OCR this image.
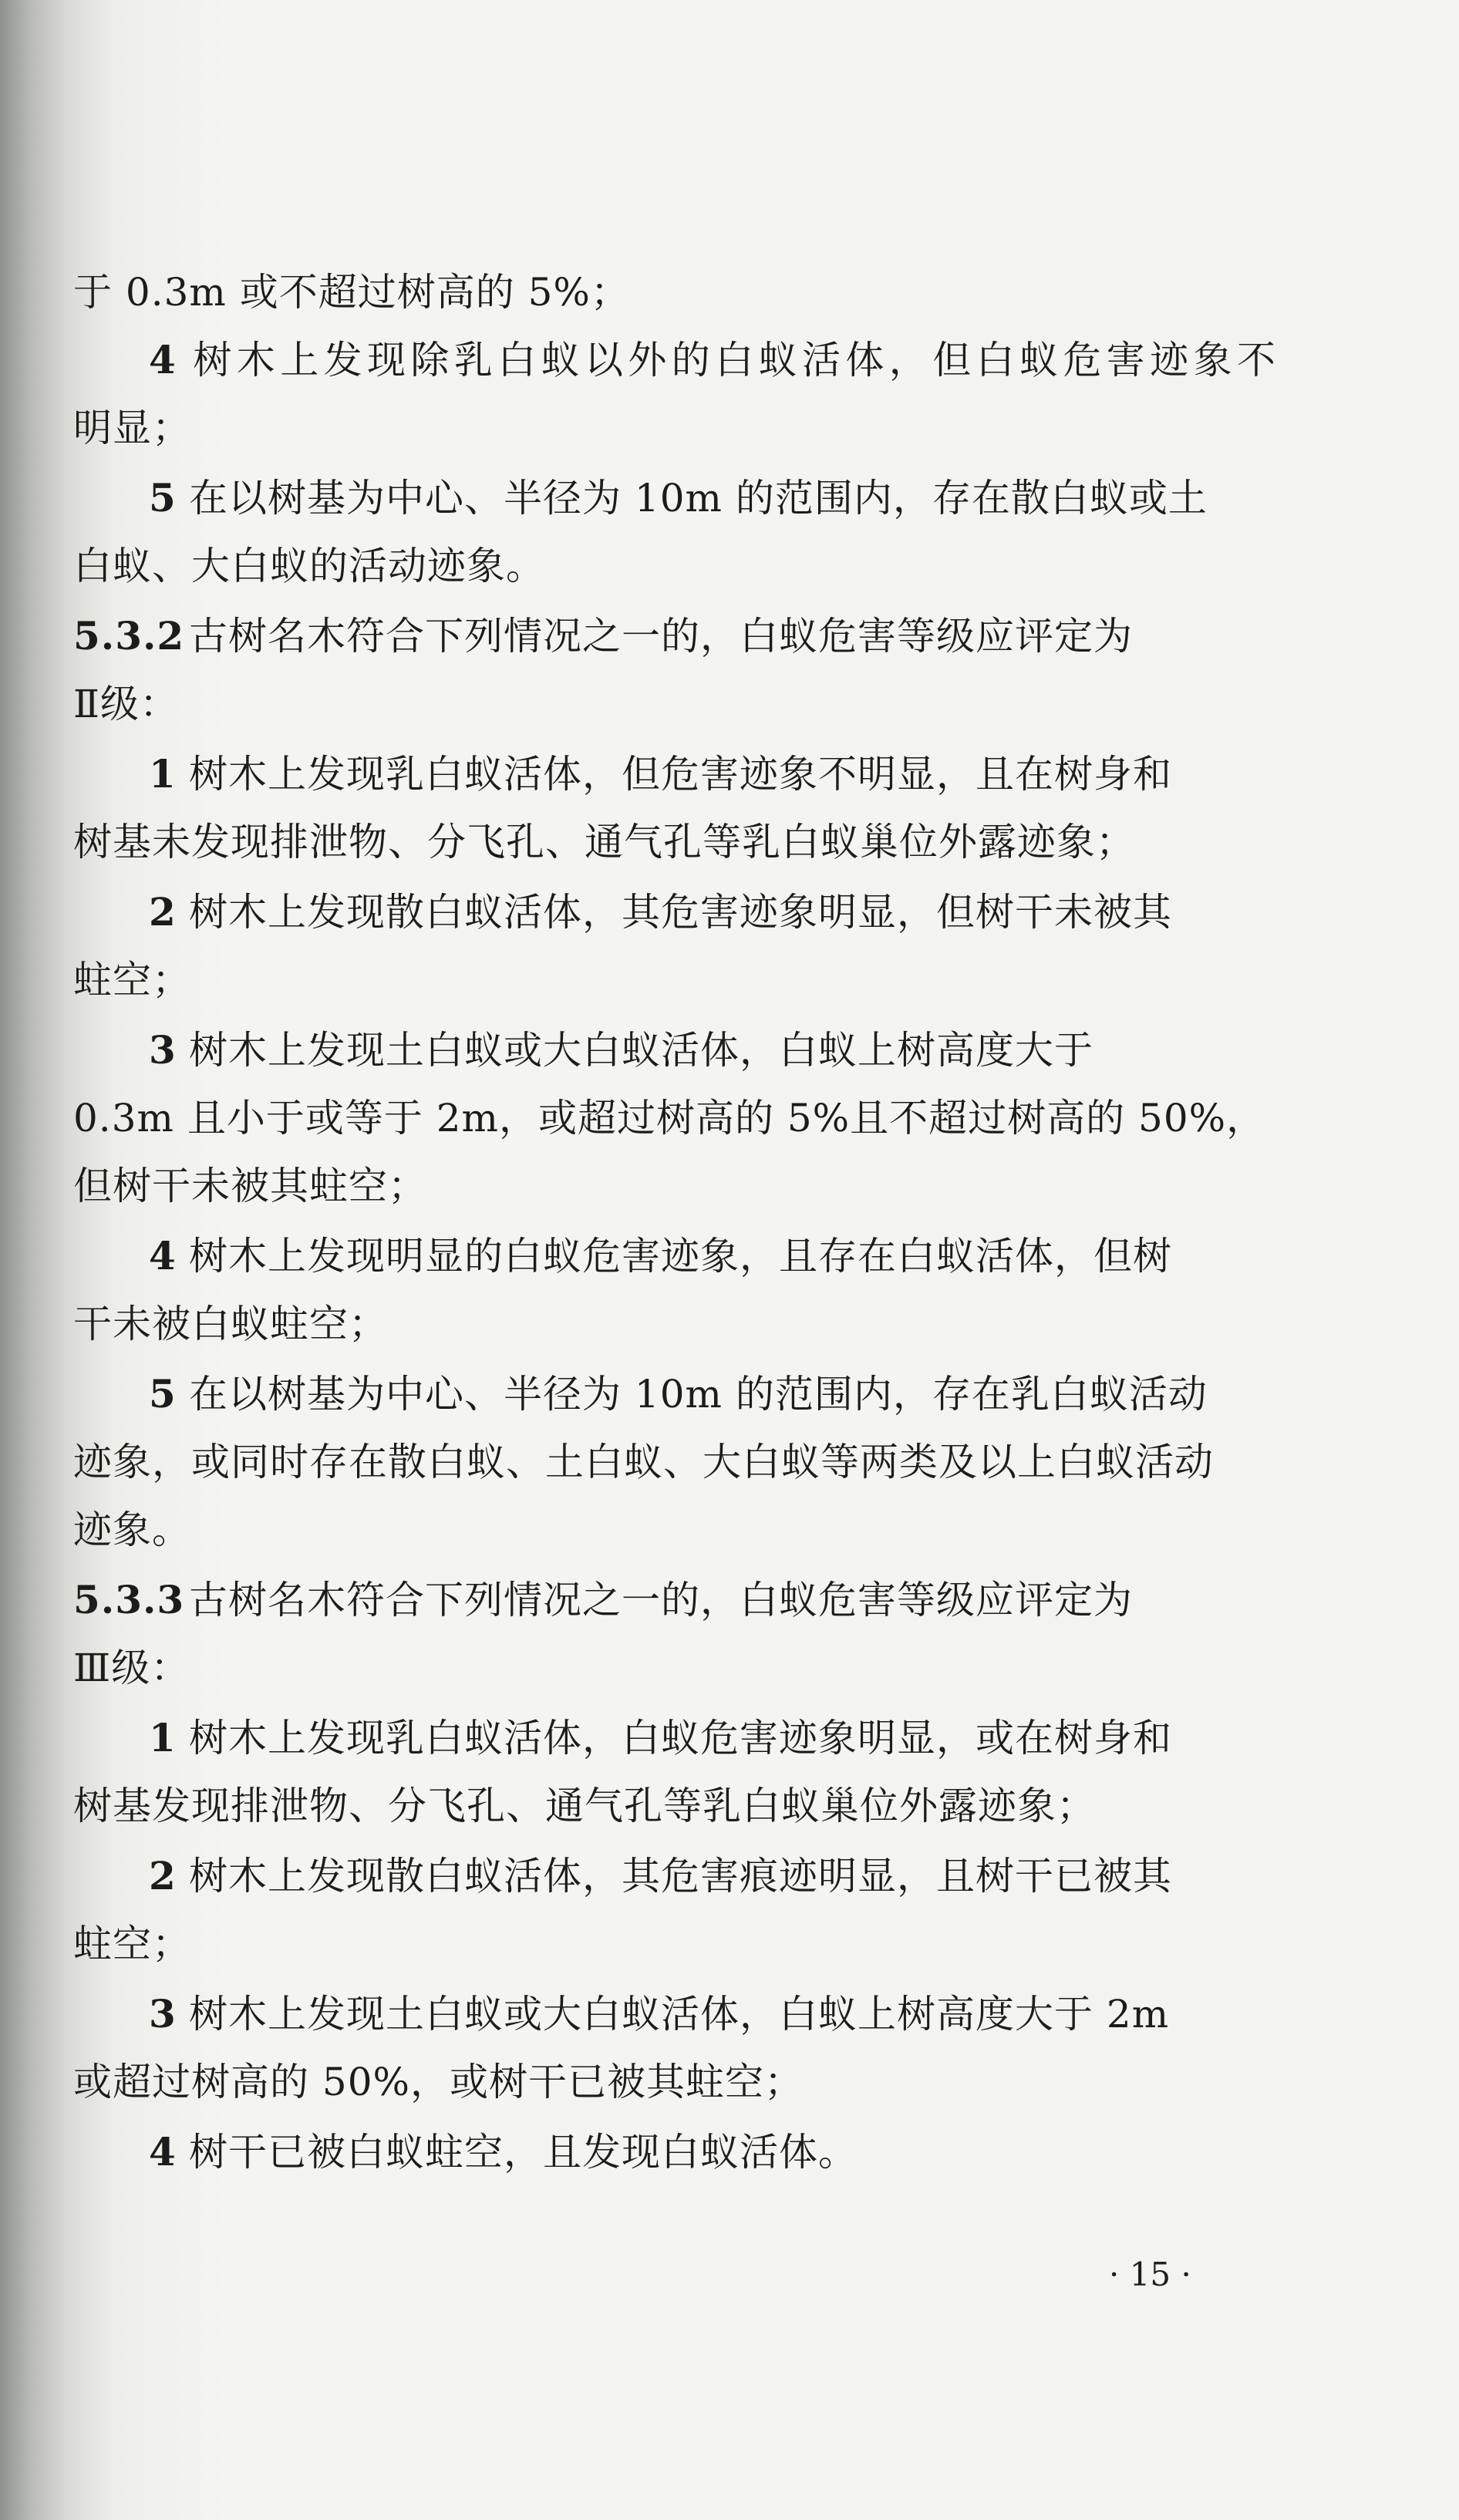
于 0.3m 或不超过树高的 5%；
4 树木上发现除乳白蚁以外的白蚁活体，但白蚁危害迹象不
明显；
5 在以树基为中心、半径为 10m 的范围内，存在散白蚁或土
白蚁、大白蚁的活动迹象。
5.3.2 古树名木符合下列情况之一的，白蚁危害等级应评定为
Ⅱ级：
1 树木上发现乳白蚁活体，但危害迹象不明显，且在树身和
树基未发现排泄物、分飞孔、通气孔等乳白蚁巢位外露迹象；
2 树木上发现散白蚁活体，其危害迹象明显，但树干未被其
蛀空；
3 树木上发现土白蚁或大白蚁活体，白蚁上树高度大于
0.3m 且小于或等于 2m，或超过树高的 5%且不超过树高的 50%，
但树干未被其蛀空；
4 树木上发现明显的白蚁危害迹象，且存在白蚁活体，但树
干未被白蚁蛀空；
5 在以树基为中心、半径为 10m 的范围内，存在乳白蚁活动
迹象，或同时存在散白蚁、土白蚁、大白蚁等两类及以上白蚁活动
迹象。
5.3.3 古树名木符合下列情况之一的，白蚁危害等级应评定为
Ⅲ级：
1 树木上发现乳白蚁活体，白蚁危害迹象明显，或在树身和
树基发现排泄物、分飞孔、通气孔等乳白蚁巢位外露迹象；
2 树木上发现散白蚁活体，其危害痕迹明显，且树干已被其
蛀空；
3 树木上发现土白蚁或大白蚁活体，白蚁上树高度大于 2m
或超过树高的 50%，或树干已被其蛀空；
4 树干已被白蚁蛀空，且发现白蚁活体。
· 15 ·
